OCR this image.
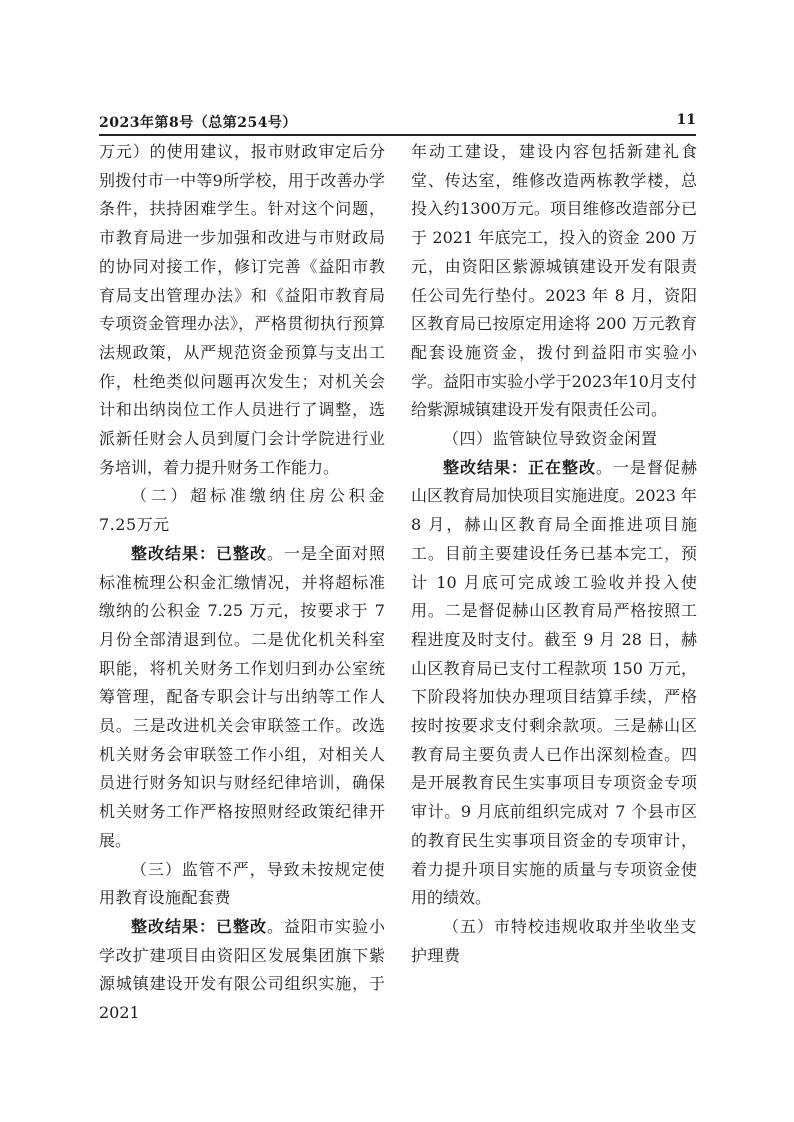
2023年第8号（总第254号）	11

万元）的使用建议，报市财政审定后分别拨付市一中等9所学校，用于改善办学条件，扶持困难学生。针对这个问题，市教育局进一步加强和改进与市财政局的协同对接工作，修订完善《益阳市教育局支出管理办法》和《益阳市教育局专项资金管理办法》，严格贯彻执行预算法规政策，从严规范资金预算与支出工作，杜绝类似问题再次发生；对机关会计和出纳岗位工作人员进行了调整，选派新任财会人员到厦门会计学院进行业务培训，着力提升财务工作能力。

（二）超标准缴纳住房公积金 7.25万元

整改结果：已整改。一是全面对照标准梳理公积金汇缴情况，并将超标准缴纳的公积金 7.25 万元，按要求于 7 月份全部清退到位。二是优化机关科室职能，将机关财务工作划归到办公室统筹管理，配备专职会计与出纳等工作人员。三是改进机关会审联签工作。改选机关财务会审联签工作小组，对相关人员进行财务知识与财经纪律培训，确保机关财务工作严格按照财经政策纪律开展。

（三）监管不严，导致未按规定使用教育设施配套费

整改结果：已整改。益阳市实验小学改扩建项目由资阳区发展集团旗下紫源城镇建设开发有限公司组织实施，于 2021

年动工建设，建设内容包括新建礼食堂、传达室，维修改造两栋教学楼，总投入约1300万元。项目维修改造部分已于 2021 年底完工，投入的资金 200 万元，由资阳区紫源城镇建设开发有限责任公司先行垫付。2023 年 8 月，资阳区教育局已按原定用途将 200 万元教育配套设施资金，拨付到益阳市实验小学。益阳市实验小学于2023年10月支付给紫源城镇建设开发有限责任公司。

（四）监管缺位导致资金闲置

整改结果：正在整改。一是督促赫山区教育局加快项目实施进度。2023 年 8 月，赫山区教育局全面推进项目施工。目前主要建设任务已基本完工，预计 10 月底可完成竣工验收并投入使用。二是督促赫山区教育局严格按照工程进度及时支付。截至 9 月 28 日，赫山区教育局已支付工程款项 150 万元，下阶段将加快办理项目结算手续，严格按时按要求支付剩余款项。三是赫山区教育局主要负责人已作出深刻检查。四是开展教育民生实事项目专项资金专项审计。9 月底前组织完成对 7 个县市区的教育民生实事项目资金的专项审计，着力提升项目实施的质量与专项资金使用的绩效。

（五）市特校违规收取并坐收坐支护理费
